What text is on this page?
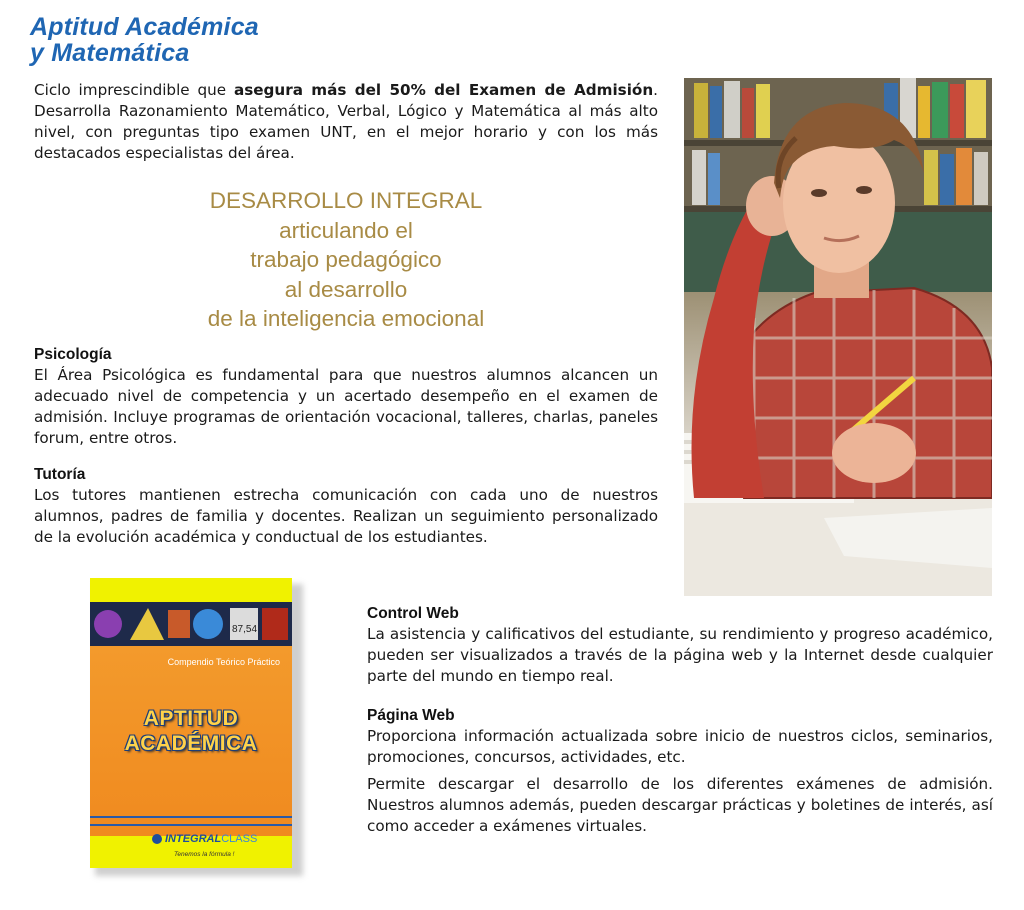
Aptitud Académica
y Matemática

Ciclo imprescindible que asegura más del 50% del Examen de Admisión. Desarrolla Razonamiento Matemático, Verbal, Lógico y Matemática al más alto nivel, con preguntas tipo examen UNT, en el mejor horario y con los más destacados especialistas del área.

DESARROLLO INTEGRAL
articulando el
trabajo pedagógico
al desarrollo
de la inteligencia emocional
Psicología

El Área Psicológica es fundamental para que nuestros alumnos alcancen un adecuado nivel de competencia y un acertado desempeño en el examen de admisión. Incluye programas de orientación vocacional, talleres, charlas, paneles forum, entre otros.

Tutoría

Los tutores mantienen estrecha comunicación con cada uno de nuestros alumnos, padres de familia y docentes. Realizan un seguimiento personalizado de la evolución académica y conductual de los estudiantes.

87,54
Compendio Teórico Práctico
APTITUD
ACADÉMICA
INTEGRAL CLASS
Tenemos la fórmula !
Control Web

La asistencia y calificativos del estudiante, su rendimiento y progreso académico, pueden ser visualizados a través de la página web y la Internet desde cualquier parte del mundo en tiempo real.

Página Web

Proporciona información actualizada sobre inicio de nuestros ciclos, seminarios, promociones, concursos, actividades, etc.

Permite descargar el desarrollo de los diferentes exámenes de admisión. Nuestros alumnos además, pueden descargar prácticas y boletines de interés, así como acceder a exámenes virtuales.
